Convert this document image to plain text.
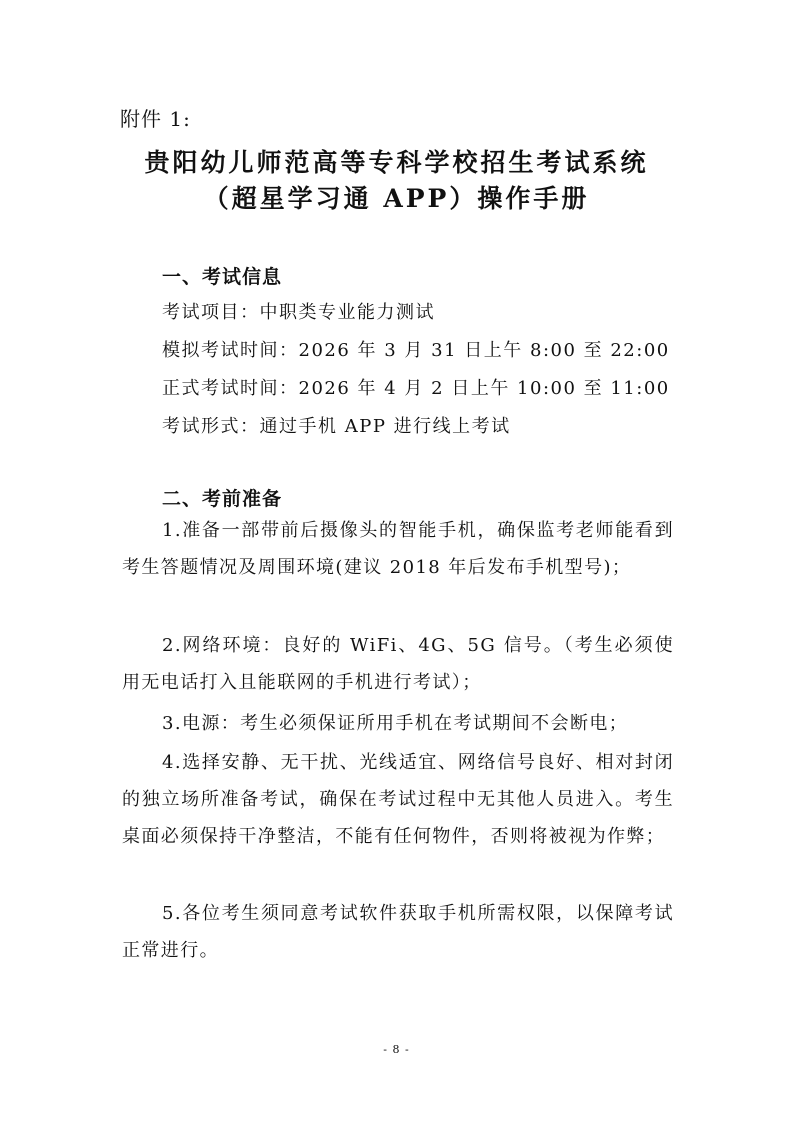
附件 1:
贵阳幼儿师范高等专科学校招生考试系统
（超星学习通 APP）操作手册
一、考试信息
考试项目：中职类专业能力测试
模拟考试时间：2026 年 3 月 31 日上午 8:00 至 22:00
正式考试时间：2026 年 4 月 2 日上午 10:00 至 11:00
考试形式：通过手机 APP 进行线上考试
二、考前准备
1.准备一部带前后摄像头的智能手机，确保监考老师能看到考生答题情况及周围环境(建议 2018 年后发布手机型号)；
2.网络环境：良好的 WiFi、4G、5G 信号。（考生必须使用无电话打入且能联网的手机进行考试）；
3.电源：考生必须保证所用手机在考试期间不会断电；
4.选择安静、无干扰、光线适宜、网络信号良好、相对封闭的独立场所准备考试，确保在考试过程中无其他人员进入。考生桌面必须保持干净整洁，不能有任何物件，否则将被视为作弊；
5.各位考生须同意考试软件获取手机所需权限，以保障考试正常进行。
- 8 -
